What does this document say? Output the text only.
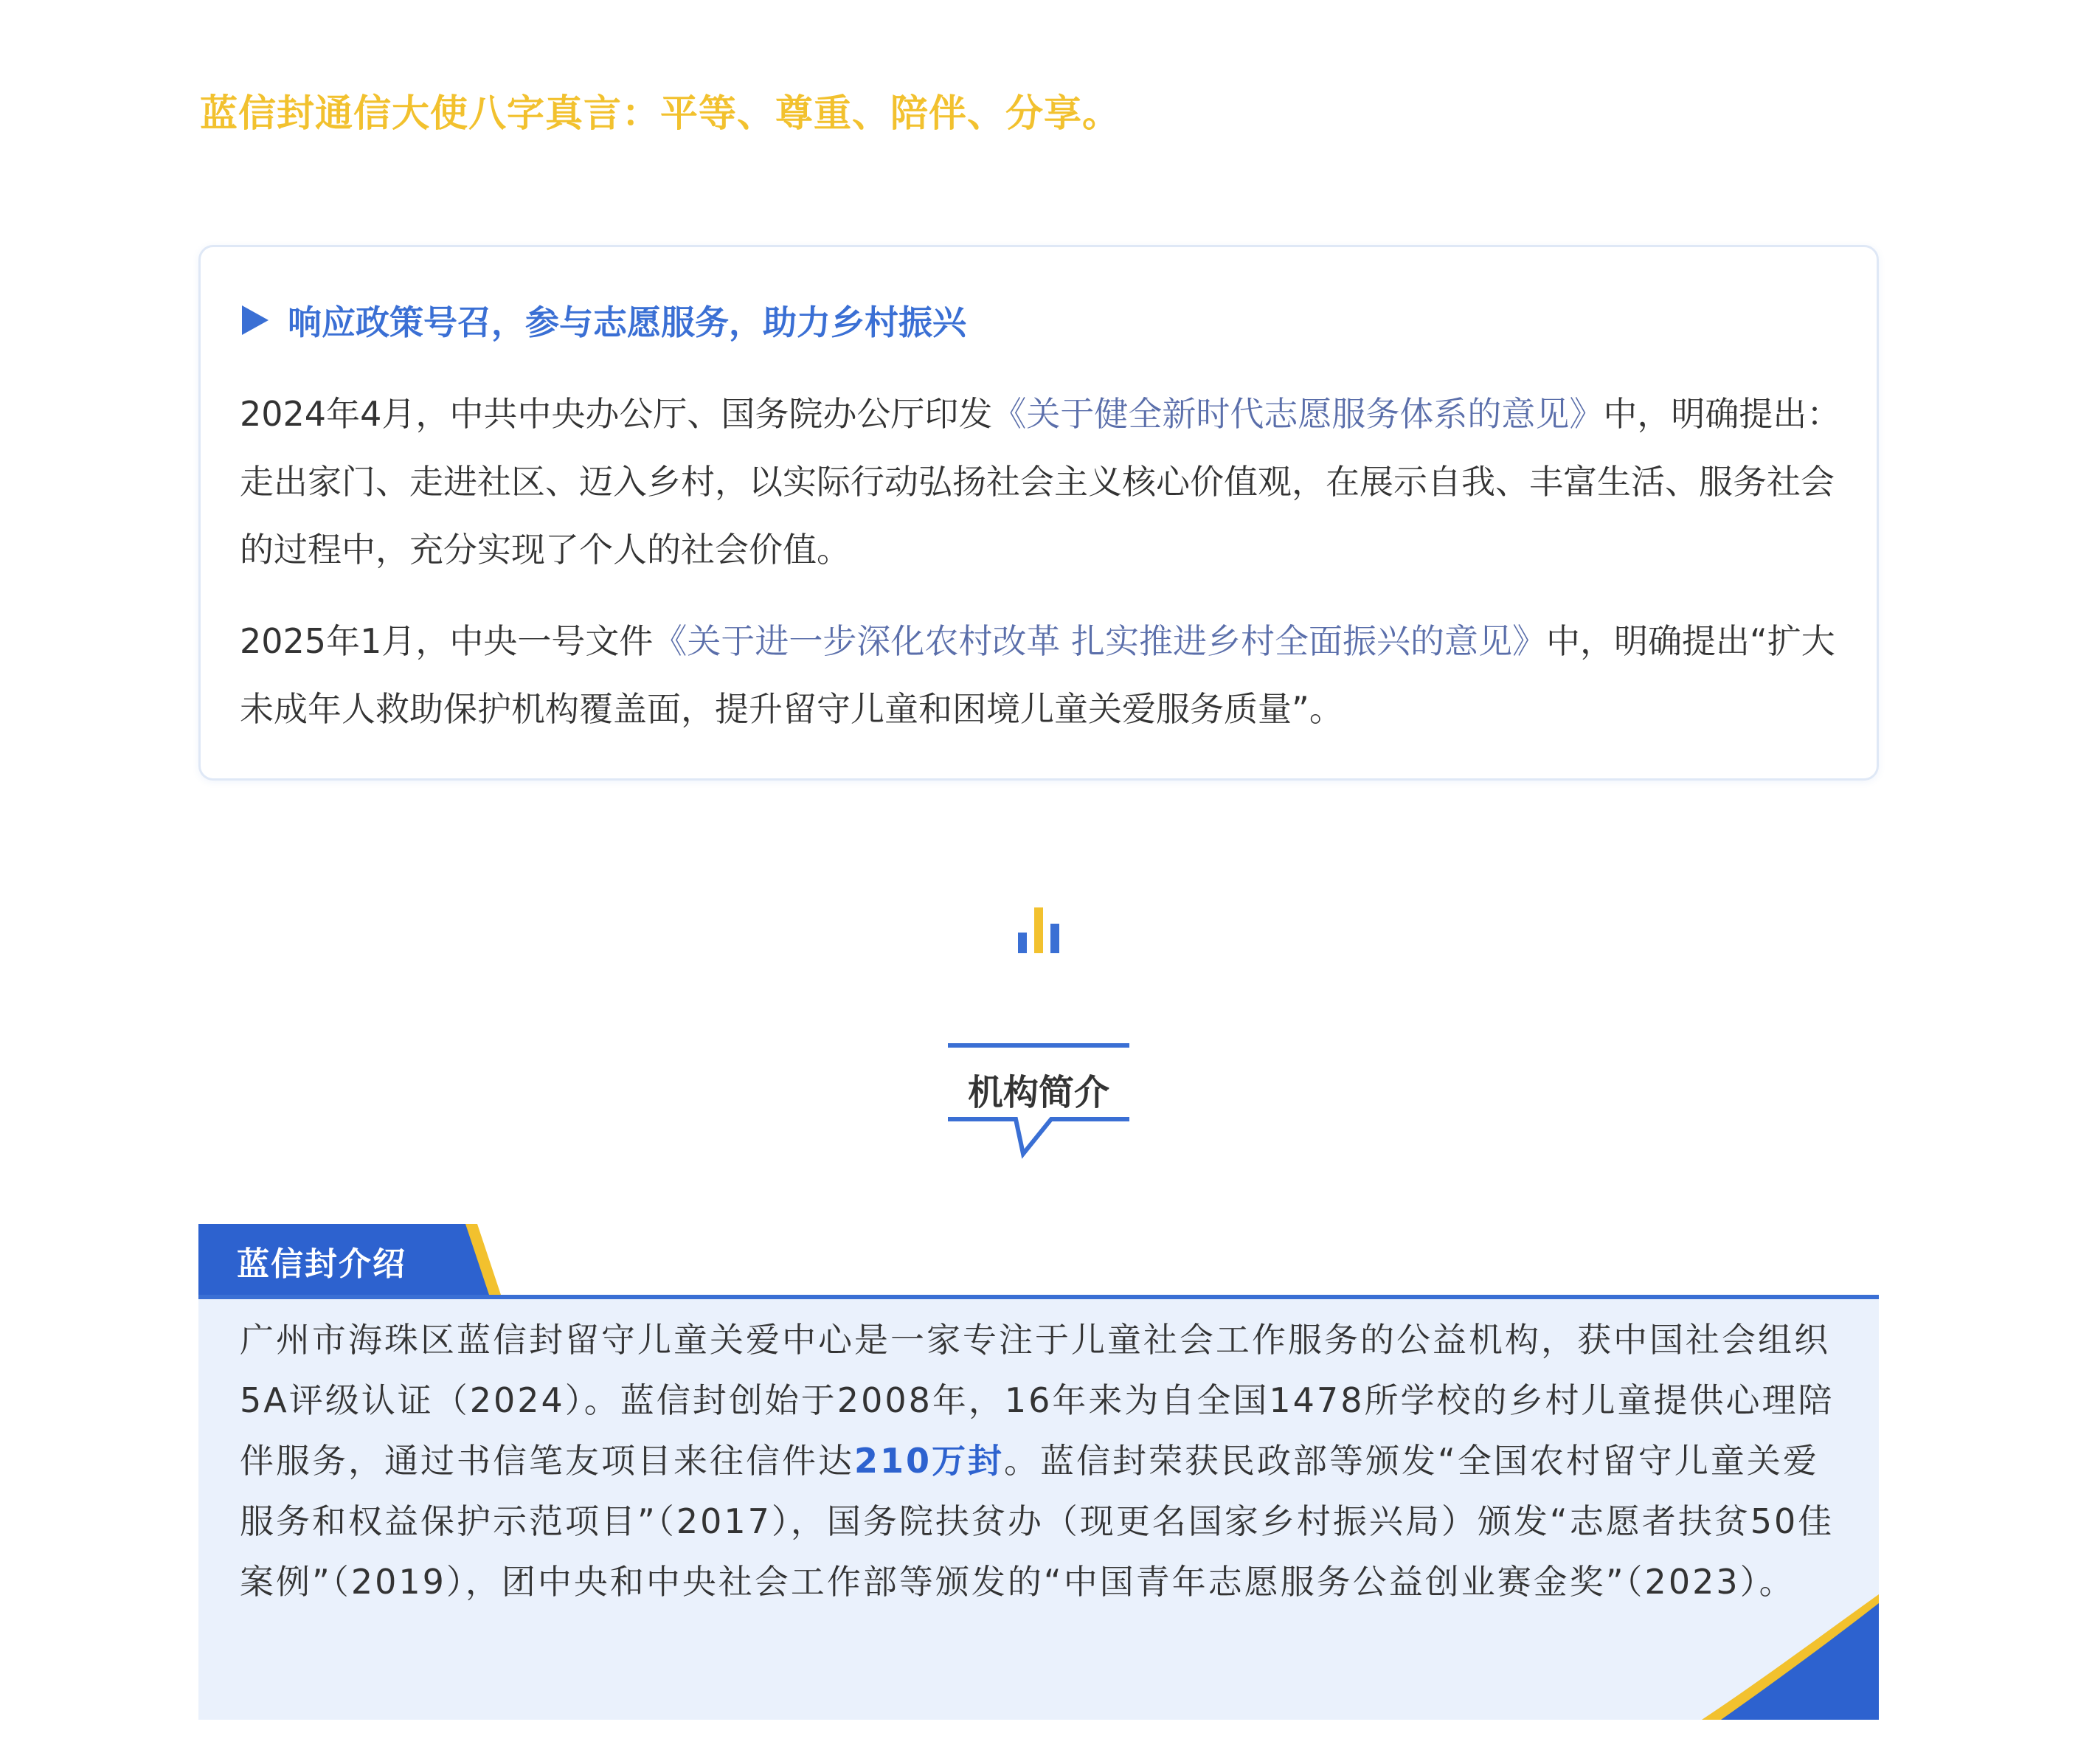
蓝信封通信大使八字真言：平等、尊重、陪伴、分享。
响应政策号召，参与志愿服务，助力乡村振兴

2024年4月，中共中央办公厅、国务院办公厅印发《关于健全新时代志愿服务体系的意见》中，明确提出：走出家门、走进社区、迈入乡村，以实际行动弘扬社会主义核心价值观，在展示自我、丰富生活、服务社会的过程中，充分实现了个人的社会价值。

2025年1月，中央一号文件《关于进一步深化农村改革 扎实推进乡村全面振兴的意见》中，明确提出“扩大未成年人救助保护机构覆盖面，提升留守儿童和困境儿童关爱服务质量”。

机构简介
蓝信封介绍

广州市海珠区蓝信封留守儿童关爱中心是一家专注于儿童社会工作服务的公益机构，获中国社会组织5A评级认证（2024）。蓝信封创始于2008年，16年来为自全国1478所学校的乡村儿童提供心理陪伴服务，通过书信笔友项目来往信件达210万封。蓝信封荣获民政部等颁发“全国农村留守儿童关爱服务和权益保护示范项目”（2017），国务院扶贫办（现更名国家乡村振兴局）颁发“志愿者扶贫50佳案例”（2019），团中央和中央社会工作部等颁发的“中国青年志愿服务公益创业赛金奖”（2023）。
